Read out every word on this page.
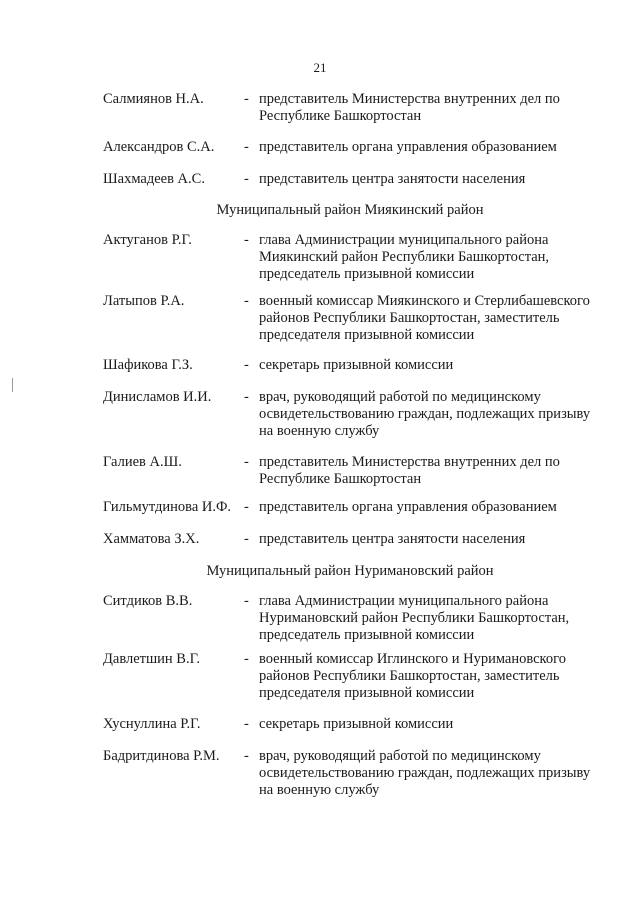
21
Салмиянов Н.А.	- представитель Министерства внутренних дел по Республике Башкортостан
Александров С.А. - представитель органа управления образованием
Шахмадеев А.С.	- представитель центра занятости населения
Муниципальный район Миякинский район
Актуганов Р.Г.	- глава Администрации муниципального района Миякинский район Республики Башкортостан, председатель призывной комиссии
Латыпов Р.А.	- военный комиссар Миякинского и Стерлибашевского районов Республики Башкортостан, заместитель председателя призывной комиссии
Шафикова Г.З.	- секретарь призывной комиссии
Динисламов И.И. - врач, руководящий работой по медицинскому освидетельствованию граждан, подлежащих призыву на военную службу
Галиев А.Ш.	- представитель Министерства внутренних дел по Республике Башкортостан
Гильмутдинова И.Ф. - представитель органа управления образованием
Хамматова З.Х.	- представитель центра занятости населения
Муниципальный район Нуримановский район
Ситдиков В.В.	- глава Администрации муниципального района Нуримановский район Республики Башкортостан, председатель призывной комиссии
Давлетшин В.Г.	- военный комиссар Иглинского и Нуримановского районов Республики Башкортостан, заместитель председателя призывной комиссии
Хуснуллина Р.Г.	- секретарь призывной комиссии
Бадритдинова Р.М. - врач, руководящий работой по медицинскому освидетельствованию граждан, подлежащих призыву на военную службу
